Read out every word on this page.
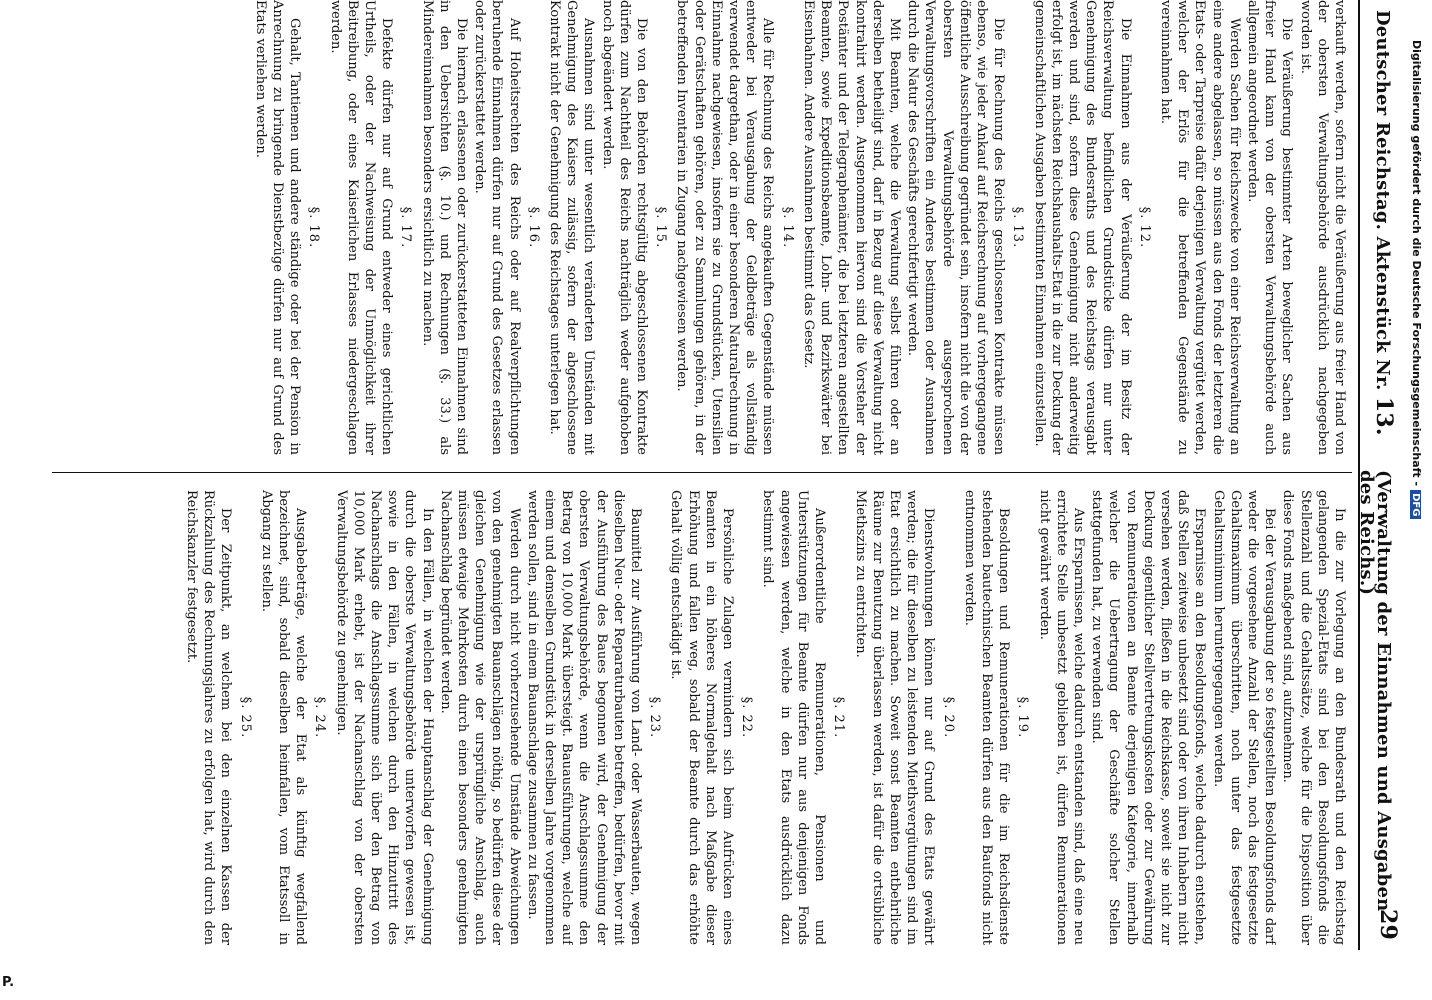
Deutscher Reichstag. Aktenstück Nr. 13.
(Verwaltung der Einnahmen und Ausgaben des Reichs.)
29

verkauft werden, sofern nicht die Veräußerung aus freier Hand von der obersten Verwaltungsbehörde ausdrücklich nachgegeben worden ist.

Die Veräußerung bestimmter Arten beweglicher Sachen aus freier Hand kann von der obersten Verwaltungsbehörde auch allgemein angeordnet werden.

Werden Sachen für Reichszwecke von einer Reichsverwaltung an eine andere abgelassen, so müssen aus den Fonds der letzteren die Etats- oder Tarpreise dafür derjenigen Verwaltung vergütet werden, welcher der Erlös für die betreffenden Gegenstände zu vereinnahmen hat.

§. 12.

Die Einnahmen aus der Veräußerung der im Besitz der Reichsverwaltung befindlichen Grundstücke dürfen nur unter Genehmigung des Bundesraths und des Reichstags verausgabt werden und sind, sofern diese Genehmigung nicht anderweitig erfolgt ist, im nächsten Reichshaushalts-Etat in die zur Deckung der gemeinschaftlichen Ausgaben bestimmten Einnahmen einzustellen.

§. 13.

Die für Rechnung des Reichs geschlossenen Kontrakte müssen ebenso, wie jeder Ankauf auf Reichsrechnung auf vorhergegangene öffentliche Ausschreibung gegründet sein, insofern nicht die von der obersten Verwaltungsbehörde ausgesprochenen Verwaltungsvorschriften ein Anderes bestimmen oder Ausnahmen durch die Natur des Geschäfts gerechtfertigt werden.

Mit Beamten, welche die Verwaltung selbst führen oder an derselben betheiligt sind, darf in Bezug auf diese Verwaltung nicht kontrahirt werden. Ausgenommen hiervon sind die Vorsteher der Postämter und der Telegraphenämter, die bei letzteren angestellten Beamten, sowie Expeditionsbeamte, Lohn- und Bezirkswärter bei Eisenbahnen. Andere Ausnahmen bestimmt das Gesetz.

§. 14.

Alle für Rechnung des Reichs angekauften Gegenstände müssen entweder bei Verausgabung der Geldbeträge als vollständig verwendet dargethan, oder in einer besonderen Naturalrechnung in Einnahme nachgewiesen, insofern sie zu Grundstücken, Utensilien oder Gerätschaften gehören, oder zu Sammlungen gehören, in der betreffenden Inventarien in Zugang nachgewiesen werden.

§. 15.

Die von den Behörden rechtsgültig abgeschlossenen Kontrakte dürfen zum Nachtheil des Reichs nachträglich weder aufgehoben noch abgeändert werden.

Ausnahmen sind unter wesentlich veränderten Umständen mit Genehmigung des Kaisers zulässig, sofern der abgeschlossene Kontrakt nicht der Genehmigung des Reichstages unterlegen hat.

§. 16.

Auf Hoheitsrechten des Reichs oder auf Realverpflichtungen beruhende Einnahmen dürfen nur auf Grund des Gesetzes erlassen oder zurückerstattet werden.

Die hiernach erlassenen oder zurückerstatteten Einnahmen sind in den Uebersichten (§. 10.) und Rechnungen (§. 33.) als Mindereinnahmen besonders ersichtlich zu machen.

§. 17.

Defekte dürfen nur auf Grund entweder eines gerichtlichen Urtheils, oder der Nachweisung der Unmöglichkeit ihrer Beitreibung, oder eines Kaiserlichen Erlasses niedergeschlagen werden.

§. 18.

Gehalt, Tantiemen und andere ständige oder bei der Pension in Anrechnung zu bringende Dienstbezüge dürfen nur auf Grund des Etats verliehen werden.

In die zur Vorlegung an den Bundesrath und den Reichstag gelangenden Spezial-Etats sind bei den Besoldungsfonds die Stellenzahl und die Gehaltssätze, welche für die Disposition über diese Fonds maßgebend sind, aufzunehmen.

Bei der Verausgabung der so festgestellten Besoldungsfonds darf weder die vorgesehene Anzahl der Stellen, noch das festgesetzte Gehaltsmaximum überschritten, noch unter das festgesetzte Gehaltsminimum heruntergegangen werden.

Ersparnisse an den Besoldungsfonds, welche dadurch entstehen, daß Stellen zeitweise unbesetzt sind oder von ihren Inhabern nicht versehen werden, fließen in die Reichskasse, soweit sie nicht zur Deckung eigentlicher Stellvertretungskosten oder zur Gewährung von Remunerationen an Beamte derjenigen Kategorie, innerhalb welcher die Uebertragung der Geschäfte solcher Stellen stattgefunden hat, zu verwenden sind.

Aus Ersparnissen, welche dadurch entstanden sind, daß eine neu errichtete Stelle unbesetzt geblieben ist, dürfen Remunerationen nicht gewährt werden.

§. 19.

Besoldungen und Remunerationen für die im Reichsdienste stehenden bautechnischen Beamten dürfen aus den Baufonds nicht entnommen werden.

§. 20.

Dienstwohnungen können nur auf Grund des Etats gewährt werden; die für dieselben zu leistenden Miethsvergütungen sind im Etat ersichtlich zu machen. Soweit sonst Beamten entbehrliche Räume zur Benutzung überlassen werden, ist dafür die ortsübliche Miethszins zu entrichten.

§. 21.

Außerordentliche Remunerationen, Pensionen und Unterstützungen für Beamte dürfen nur aus denjenigen Fonds angewiesen werden, welche in den Etats ausdrücklich dazu bestimmt sind.

§. 22.

Persönliche Zulagen vermindern sich beim Aufrücken eines Beamten in ein höheres Normalgehalt nach Maßgabe dieser Erhöhung und fallen weg, sobald der Beamte durch das erhöhte Gehalt völlig entschädigt ist.

§. 23.

Baumittel zur Ausführung von Land- oder Wasserbauten, wegen dieselben Neu- oder Reparaturbauten betreffen, bedürfen, bevor mit der Ausführung des Baues begonnen wird, der Genehmigung der obersten Verwaltungsbehörde, wenn die Anschlagssumme den Betrag von 10,000 Mark übersteigt. Bauausführungen, welche auf einem und demselben Grundstück in derselben Jahre vorgenommen werden sollen, sind in einem Bauanschlage zusammen zu fassen.

Werden durch nicht vorherzusehende Umstände Abweichungen von den genehmigten Bauanschlägen nöthig, so bedürfen diese der gleichen Genehmigung wie der ursprüngliche Anschlag, auch müssen etwaige Mehrkosten durch einen besonders genehmigten Nachanschlag begründet werden.

In den Fällen, in welchen der Hauptanschlag der Genehmigung durch die oberste Verwaltungsbehörde unterworfen gewesen ist, sowie in den Fällen, in welchen durch den Hinzutritt des Nachanschlags die Anschlagssumme sich über den Betrag von 10,000 Mark erhebt, ist der Nachanschlag von der obersten Verwaltungsbehörde zu genehmigen.

§. 24.

Ausgabebeträge, welche der Etat als künftig wegfallend bezeichnet, sind, sobald dieselben heimfallen, vom Etatssoll in Abgang zu stellen.

§. 25.

Der Zeitpunkt, an welchem bei den einzelnen Kassen der Rückzahlung des Rechnungsjahres zu erfolgen hat, wird durch den Reichskanzler festgesetzt.

Digitalisierung gefördert durch die Deutsche Forschungsgemeinschaft -DFG
P.
